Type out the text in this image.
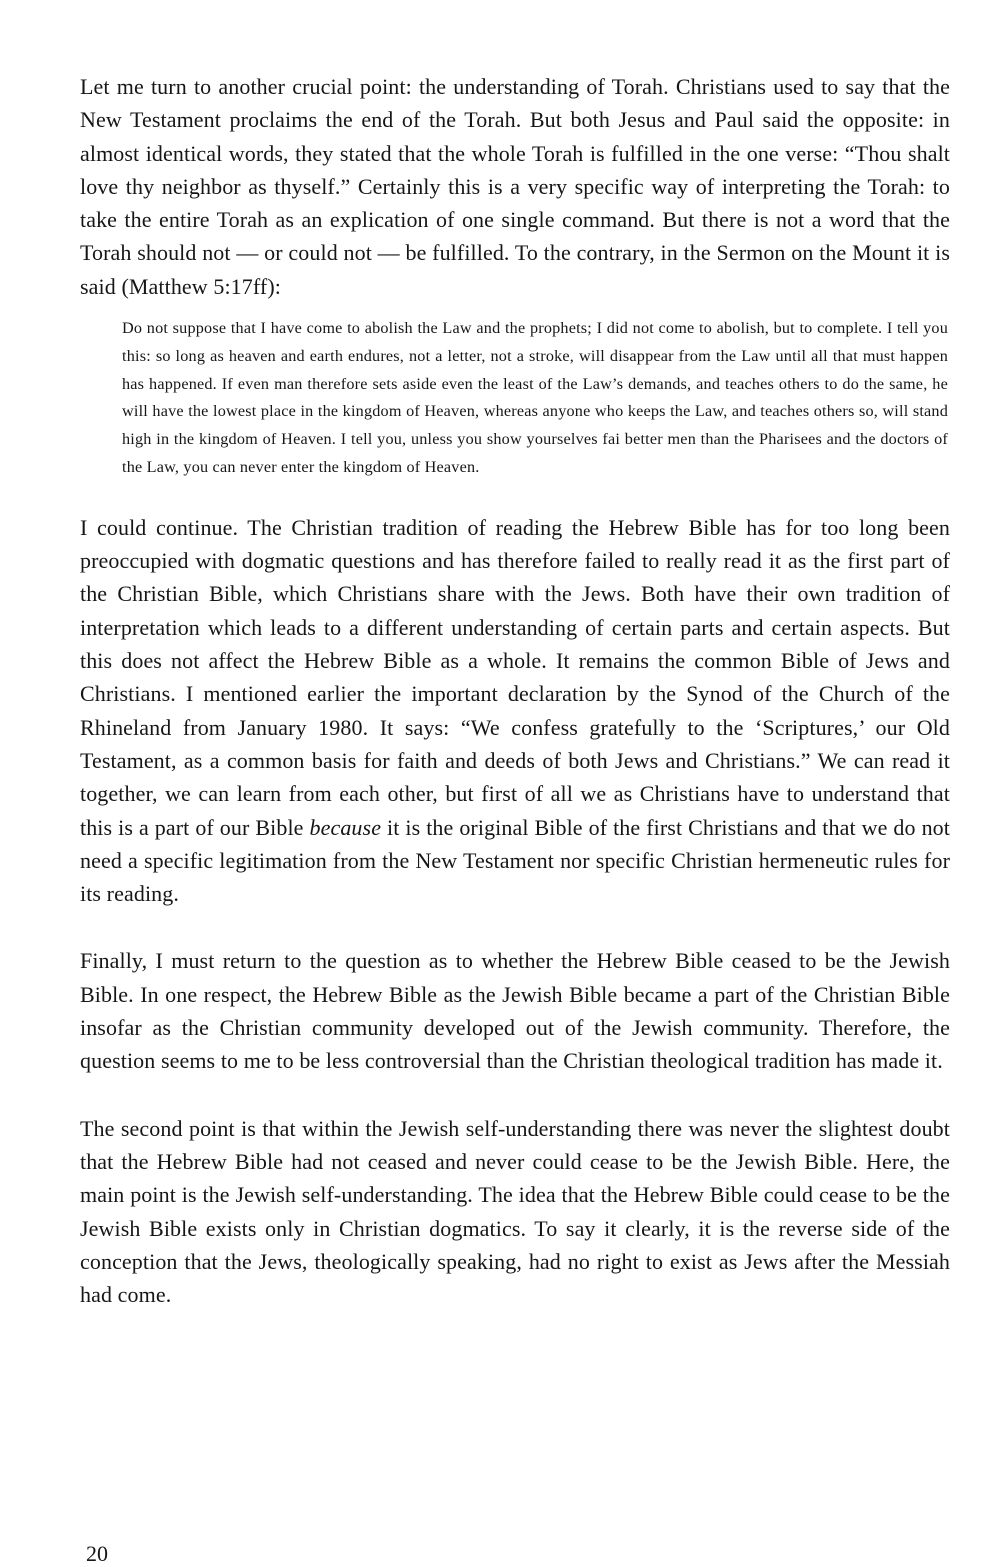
Let me turn to another crucial point: the understanding of Torah. Christians used to say that the New Testament proclaims the end of the Torah. But both Jesus and Paul said the opposite: in almost identical words, they stated that the whole Torah is fulfilled in the one verse: “Thou shalt love thy neighbor as thyself.” Certainly this is a very specific way of interpreting the Torah: to take the entire Torah as an explication of one single command. But there is not a word that the Torah should not — or could not — be fulfilled. To the contrary, in the Sermon on the Mount it is said (Matthew 5:17ff):

Do not suppose that I have come to abolish the Law and the prophets; I did not come to abolish, but to complete. I tell you this: so long as heaven and earth endures, not a letter, not a stroke, will disappear from the Law until all that must happen has happened. If even man therefore sets aside even the least of the Law’s demands, and teaches others to do the same, he will have the lowest place in the kingdom of Heaven, whereas anyone who keeps the Law, and teaches others so, will stand high in the kingdom of Heaven. I tell you, unless you show yourselves fai better men than the Pharisees and the doctors of the Law, you can never enter the kingdom of Heaven.

I could continue. The Christian tradition of reading the Hebrew Bible has for too long been preoccupied with dogmatic questions and has therefore failed to really read it as the first part of the Christian Bible, which Christians share with the Jews. Both have their own tradition of interpretation which leads to a different understanding of certain parts and certain aspects. But this does not affect the Hebrew Bible as a whole. It remains the common Bible of Jews and Christians. I mentioned earlier the important declaration by the Synod of the Church of the Rhineland from January 1980. It says: “We confess gratefully to the ‘Scriptures,’ our Old Testament, as a common basis for faith and deeds of both Jews and Christians.” We can read it together, we can learn from each other, but first of all we as Christians have to understand that this is a part of our Bible because it is the original Bible of the first Christians and that we do not need a specific legitimation from the New Testament nor specific Christian hermeneutic rules for its reading.

Finally, I must return to the question as to whether the Hebrew Bible ceased to be the Jewish Bible. In one respect, the Hebrew Bible as the Jewish Bible became a part of the Christian Bible insofar as the Christian community developed out of the Jewish community. Therefore, the question seems to me to be less controversial than the Christian theological tradition has made it.

The second point is that within the Jewish self-understanding there was never the slightest doubt that the Hebrew Bible had not ceased and never could cease to be the Jewish Bible. Here, the main point is the Jewish self-understanding. The idea that the Hebrew Bible could cease to be the Jewish Bible exists only in Christian dogmatics. To say it clearly, it is the reverse side of the conception that the Jews, theologically speaking, had no right to exist as Jews after the Messiah had come.

20
